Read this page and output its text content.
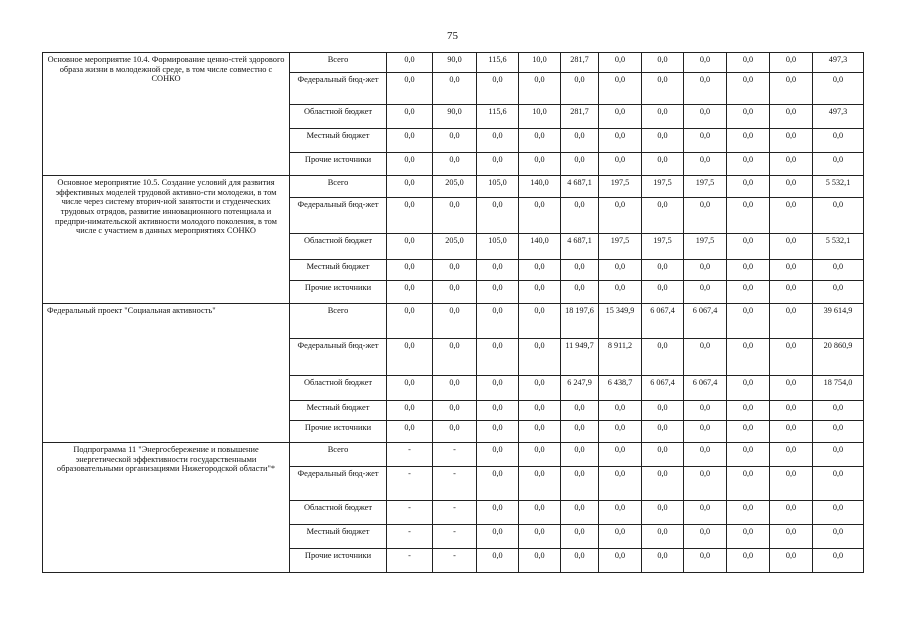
75
Основное мероприятие 10.4. Формирование ценно-стей здорового образа жизни в молодежной среде, в том числе совместно с СОНКО	Всего	0,0	90,0	115,6	10,0	281,7	0,0	0,0	0,0	0,0	0,0	497,3
	Федеральный бюд-жет	0,0	0,0	0,0	0,0	0,0	0,0	0,0	0,0	0,0	0,0	0,0
	Областной бюджет	0,0	90,0	115,6	10,0	281,7	0,0	0,0	0,0	0,0	0,0	497,3
	Местный бюджет	0,0	0,0	0,0	0,0	0,0	0,0	0,0	0,0	0,0	0,0	0,0
	Прочие источники	0,0	0,0	0,0	0,0	0,0	0,0	0,0	0,0	0,0	0,0	0,0
Основное мероприятие 10.5. Создание условий для развития эффективных моделей трудовой активно-сти молодежи, в том числе через систему вторич-ной занятости и студенческих трудовых отрядов, развитие инновационного потенциала и предпри-нимательской активности молодого поколения, в том числе с участием в данных мероприятиях СОНКО	Всего	0,0	205,0	105,0	140,0	4 687,1	197,5	197,5	197,5	0,0	0,0	5 532,1
	Федеральный бюд-жет	0,0	0,0	0,0	0,0	0,0	0,0	0,0	0,0	0,0	0,0	0,0
	Областной бюджет	0,0	205,0	105,0	140,0	4 687,1	197,5	197,5	197,5	0,0	0,0	5 532,1
	Местный бюджет	0,0	0,0	0,0	0,0	0,0	0,0	0,0	0,0	0,0	0,0	0,0
	Прочие источники	0,0	0,0	0,0	0,0	0,0	0,0	0,0	0,0	0,0	0,0	0,0
Федеральный проект "Социальная активность"	Всего	0,0	0,0	0,0	0,0	18 197,6	15 349,9	6 067,4	6 067,4	0,0	0,0	39 614,9
	Федеральный бюд-жет	0,0	0,0	0,0	0,0	11 949,7	8 911,2	0,0	0,0	0,0	0,0	20 860,9
	Областной бюджет	0,0	0,0	0,0	0,0	6 247,9	6 438,7	6 067,4	6 067,4	0,0	0,0	18 754,0
	Местный бюджет	0,0	0,0	0,0	0,0	0,0	0,0	0,0	0,0	0,0	0,0	0,0
	Прочие источники	0,0	0,0	0,0	0,0	0,0	0,0	0,0	0,0	0,0	0,0	0,0
Подпрограмма 11 "Энергосбережение и повышение энергетической эффективности государственными образовательными организациями Нижегородской области"*	Всего	-	-	0,0	0,0	0,0	0,0	0,0	0,0	0,0	0,0	0,0
	Федеральный бюд-жет	-	-	0,0	0,0	0,0	0,0	0,0	0,0	0,0	0,0	0,0
	Областной бюджет	-	-	0,0	0,0	0,0	0,0	0,0	0,0	0,0	0,0	0,0
	Местный бюджет	-	-	0,0	0,0	0,0	0,0	0,0	0,0	0,0	0,0	0,0
	Прочие источники	-	-	0,0	0,0	0,0	0,0	0,0	0,0	0,0	0,0	0,0
